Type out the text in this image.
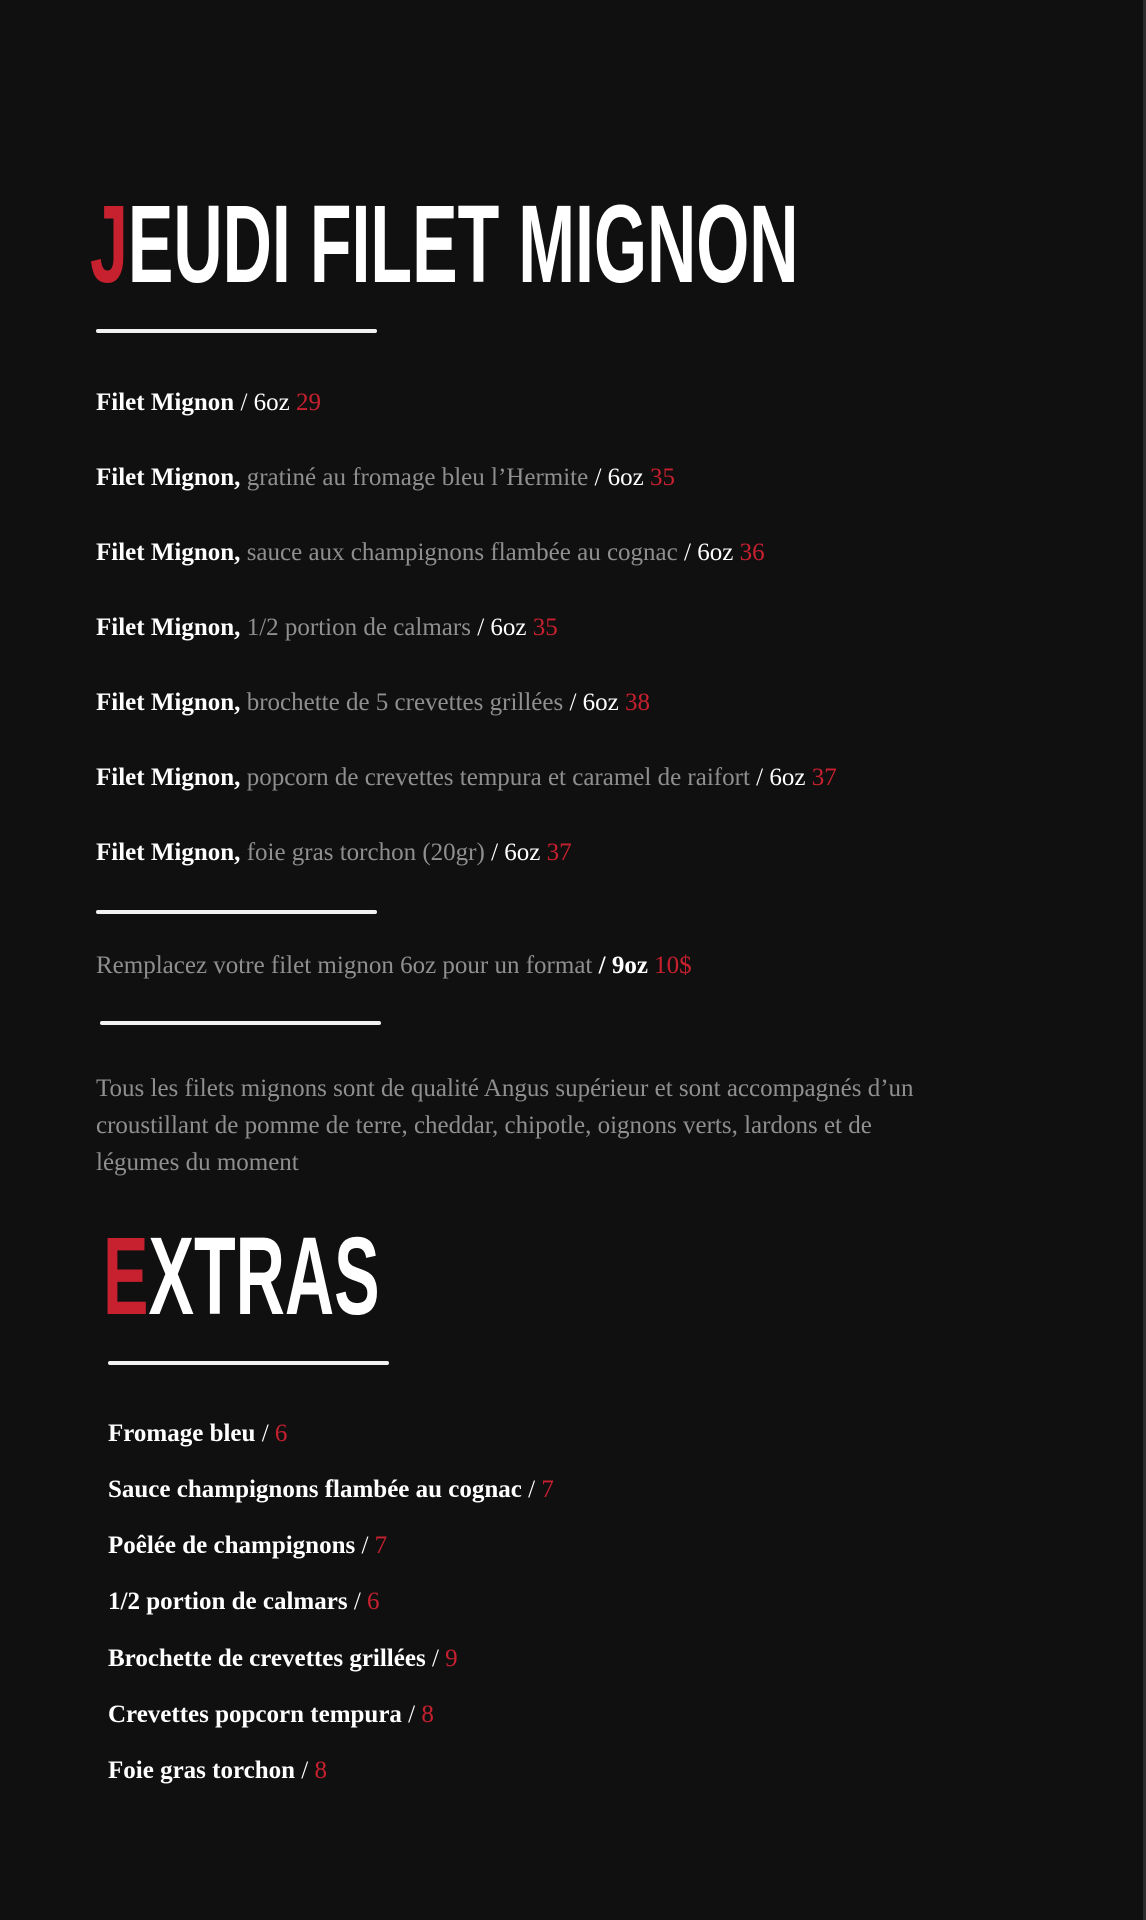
JEUDI FILET MIGNON
Filet Mignon / 6oz 29
Filet Mignon, gratiné au fromage bleu l’Hermite / 6oz 35
Filet Mignon, sauce aux champignons flambée au cognac / 6oz 36
Filet Mignon, 1/2 portion de calmars / 6oz 35
Filet Mignon, brochette de 5 crevettes grillées / 6oz 38
Filet Mignon, popcorn de crevettes tempura et caramel de raifort / 6oz 37
Filet Mignon, foie gras torchon (20gr) / 6oz 37
Remplacez votre filet mignon 6oz pour un format / 9oz 10$

Tous les filets mignons sont de qualité Angus supérieur et sont accompagnés d’un croustillant de pomme de terre, cheddar, chipotle, oignons verts, lardons et de légumes du moment

EXTRAS
Fromage bleu / 6
Sauce champignons flambée au cognac / 7
Poêlée de champignons / 7
1/2 portion de calmars / 6
Brochette de crevettes grillées / 9
Crevettes popcorn tempura / 8
Foie gras torchon / 8
